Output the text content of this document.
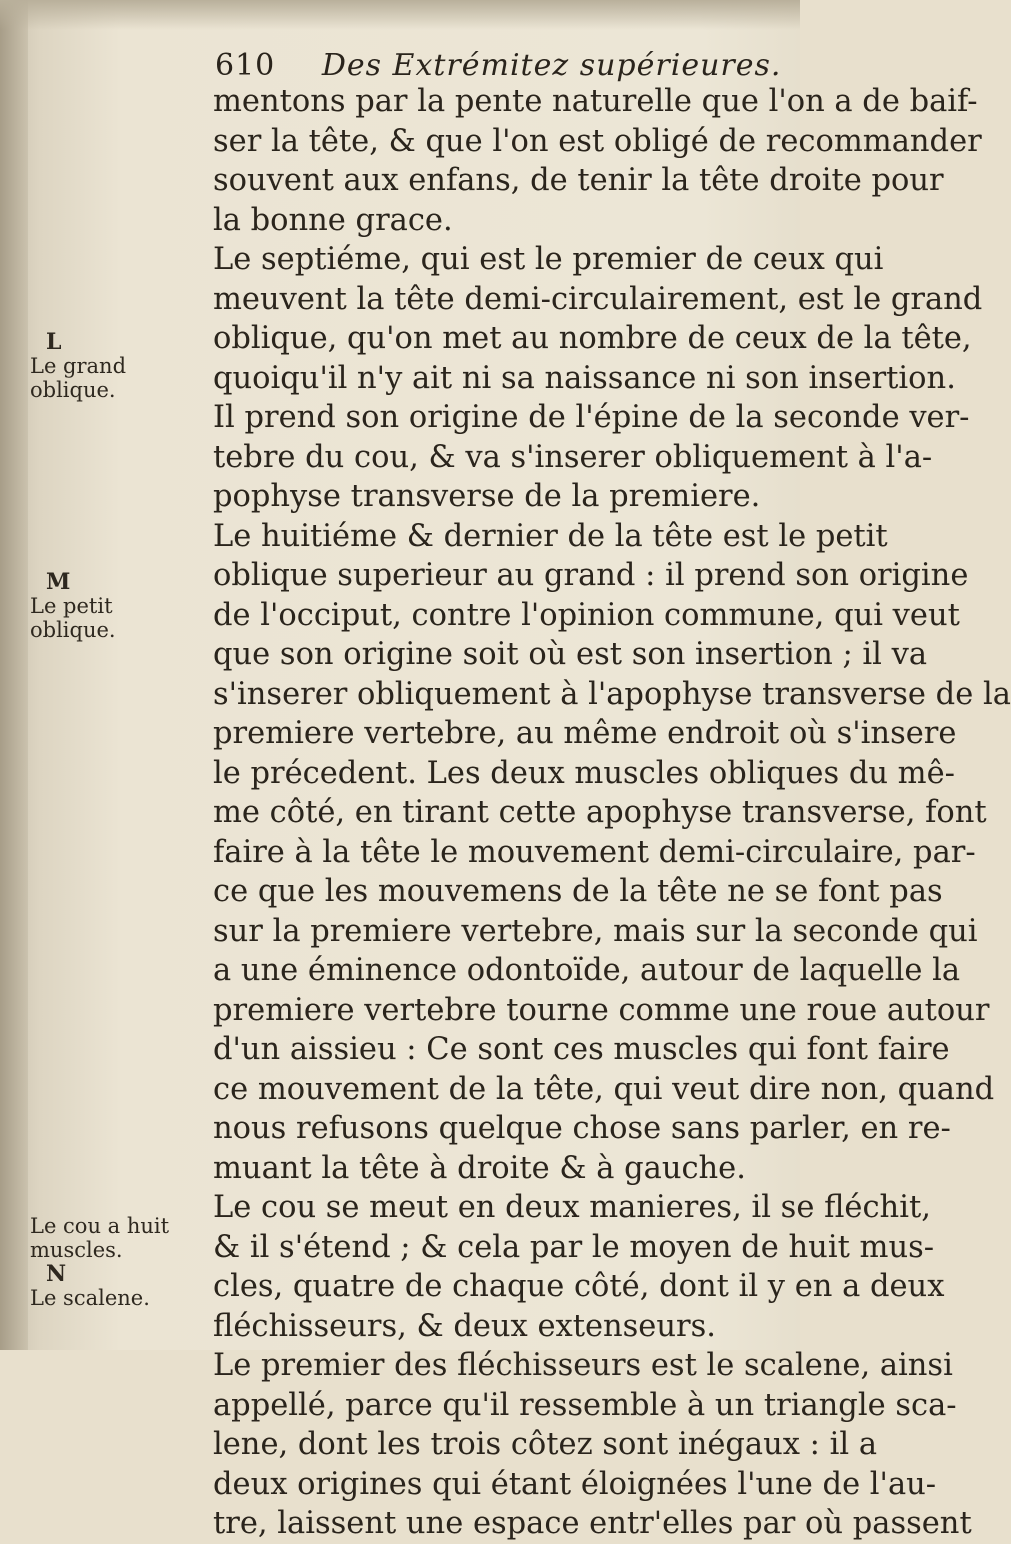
610 Des Extrémitez supérieures.
L
Le grand
oblique.
M
Le petit
oblique.
Le cou a huit
muscles.
mentons par la pente naturelle que l'on a de baif-
ser la tête, & que l'on est obligé de recommander
souvent aux enfans, de tenir la tête droite pour
la bonne grace.
Le septiéme, qui est le premier de ceux qui
meuvent la tête demi-circulairement, est le grand
oblique, qu'on met au nombre de ceux de la tête,
quoiqu'il n'y ait ni sa naissance ni son insertion.
Il prend son origine de l'épine de la seconde ver-
tebre du cou, & va s'inserer obliquement à l'a-
pophyse transverse de la premiere.
Le huitiéme & dernier de la tête est le petit
oblique superieur au grand : il prend son origine
de l'occiput, contre l'opinion commune, qui veut
que son origine soit où est son insertion ; il va
s'inserer obliquement à l'apophyse transverse de la
premiere vertebre, au même endroit où s'insere
le précedent. Les deux muscles obliques du mê-
me côté, en tirant cette apophyse transverse, font
faire à la tête le mouvement demi-circulaire, par-
ce que les mouvemens de la tête ne se font pas
sur la premiere vertebre, mais sur la seconde qui
a une éminence odontoïde, autour de laquelle la
premiere vertebre tourne comme une roue autour
d'un aissieu : Ce sont ces muscles qui font faire
ce mouvement de la tête, qui veut dire non, quand
nous refusons quelque chose sans parler, en re-
muant la tête à droite & à gauche.
Le cou se meut en deux manieres, il se fléchit,
& il s'étend ; & cela par le moyen de huit mus-
cles, quatre de chaque côté, dont il y en a deux
fléchisseurs, & deux extenseurs.
Le premier des fléchisseurs est le scalene, ainsi
appellé, parce qu'il ressemble à un triangle sca-
lene, dont les trois côtez sont inégaux : il a
deux origines qui étant éloignées l'une de l'au-
tre, laissent une espace entr'elles par où passent
N
Le scalene.
